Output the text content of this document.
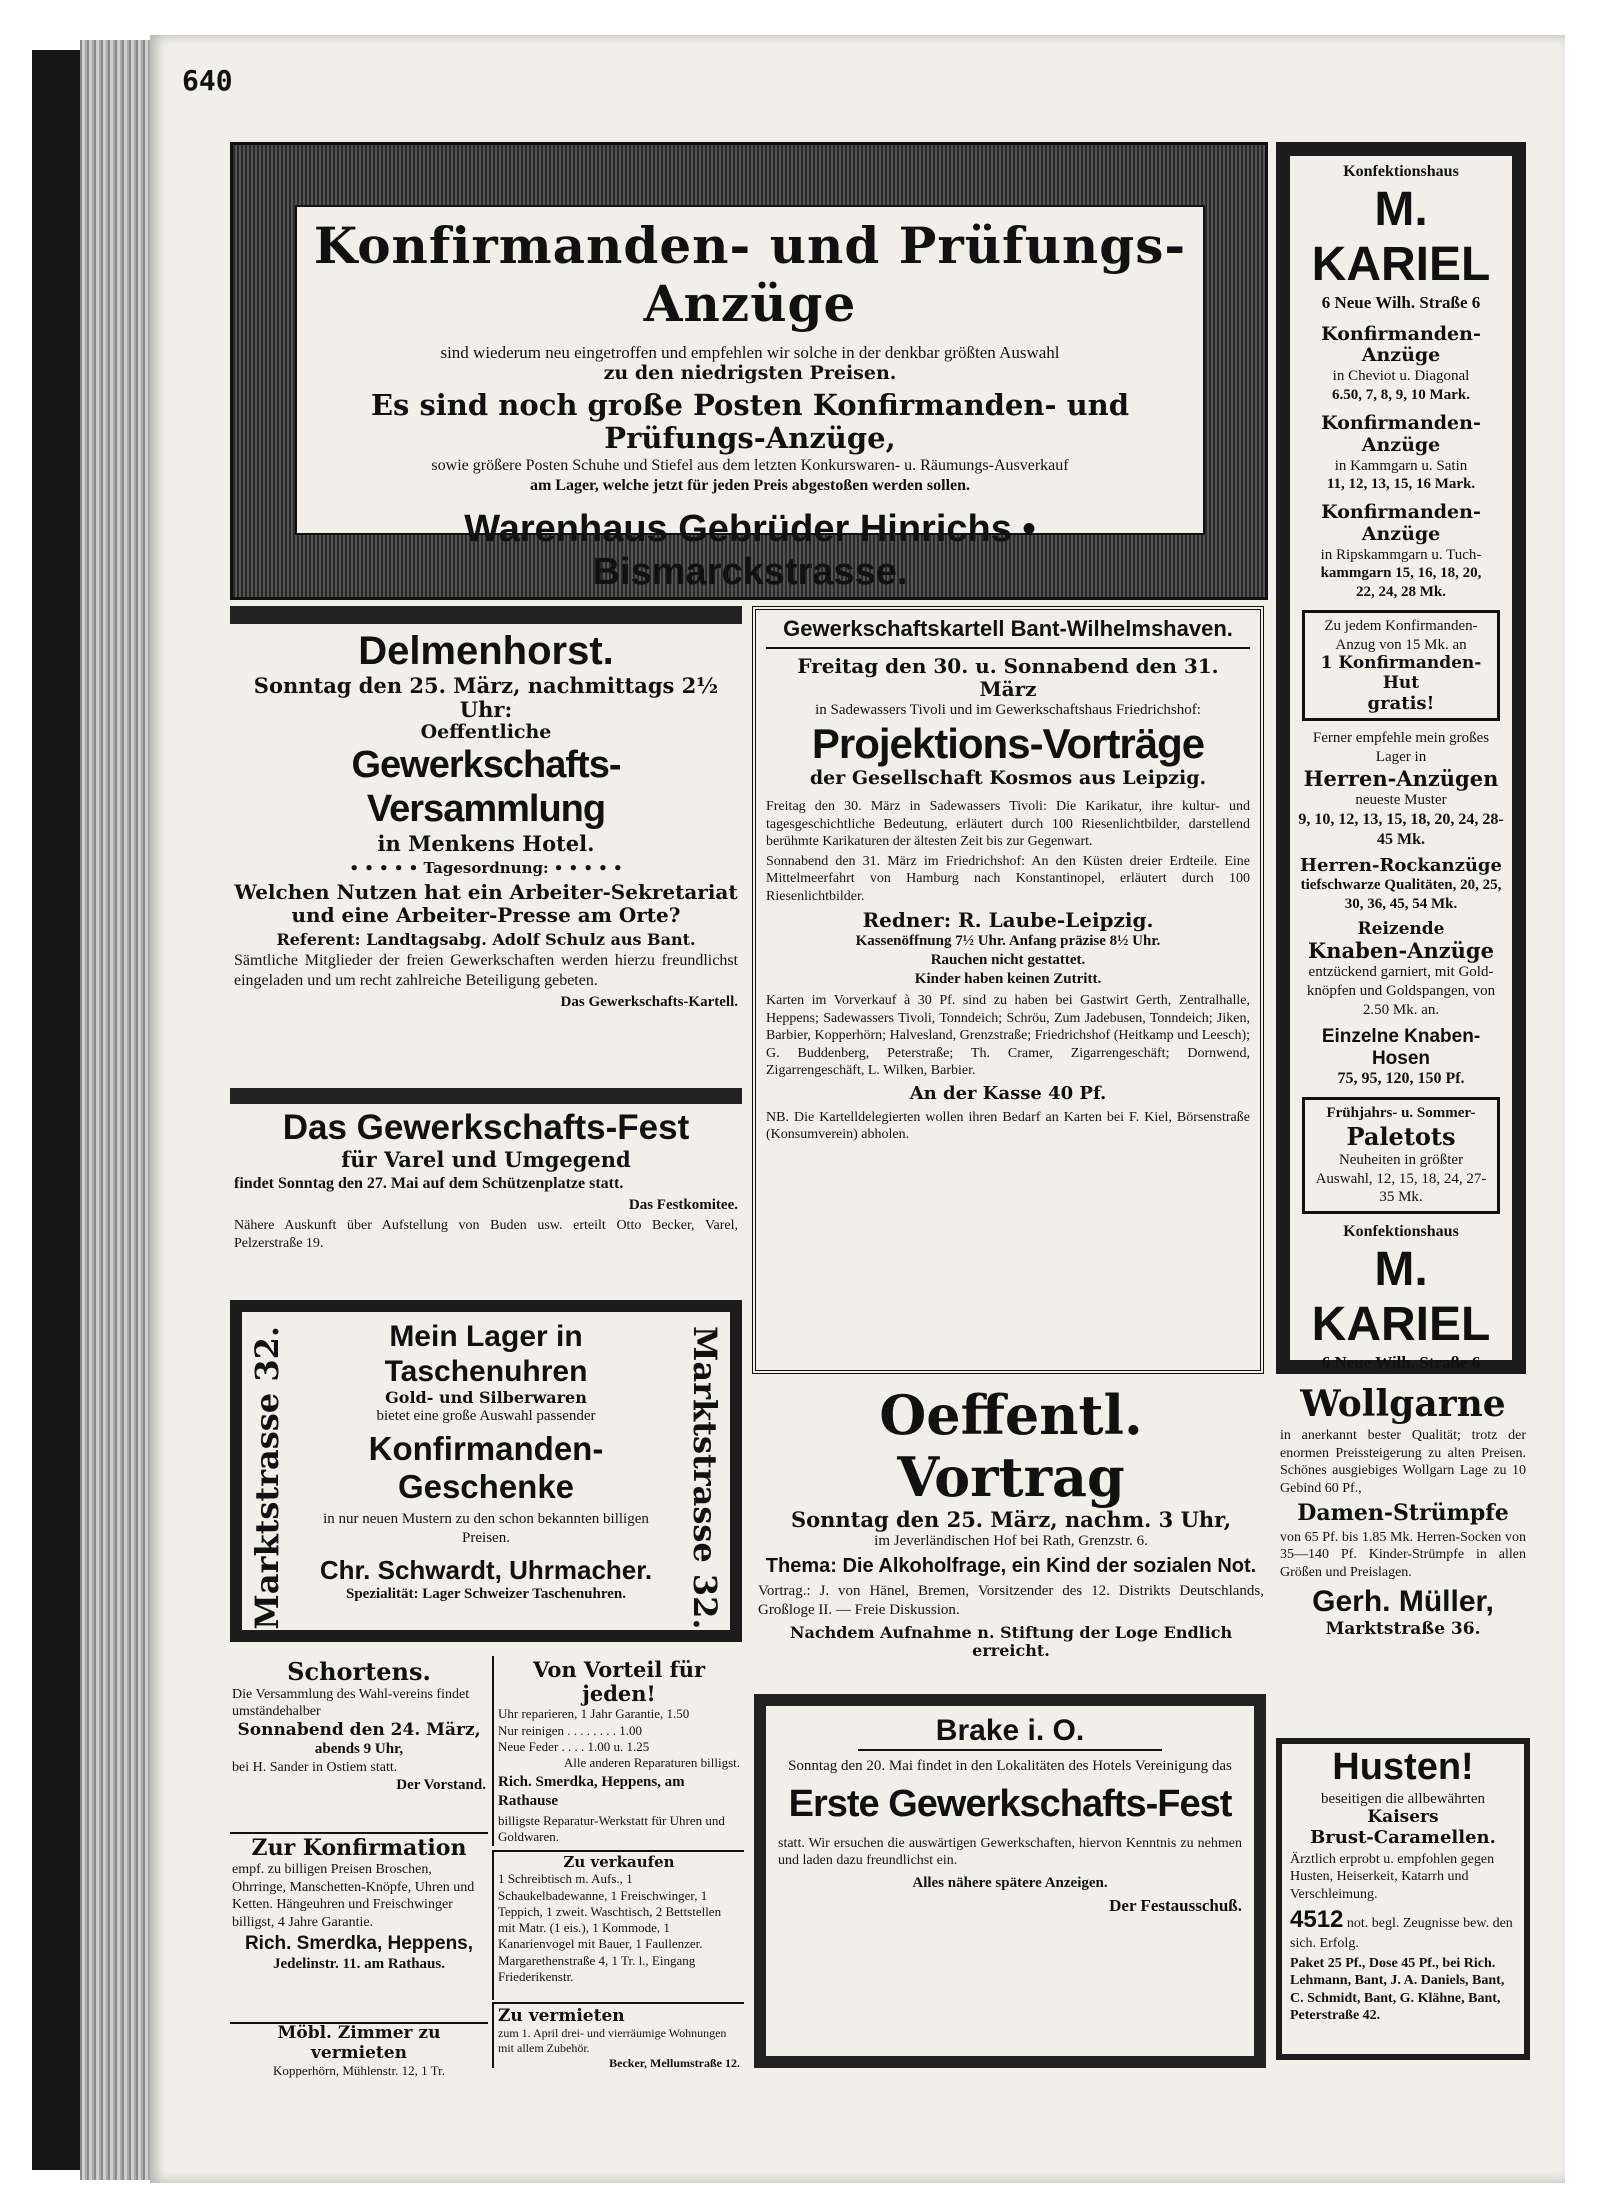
640

Konfirmanden- und Prüfungs-Anzüge

sind wiederum neu eingetroffen und empfehlen wir solche in der denkbar größten Auswahl

zu den niedrigsten Preisen.

Es sind noch große Posten Konfirmanden- und Prüfungs-Anzüge,

sowie größere Posten Schuhe und Stiefel aus dem letzten Konkurswaren- u. Räumungs-Ausverkauf

am Lager, welche jetzt für jeden Preis abgestoßen werden sollen.

Warenhaus Gebrüder Hinrichs • Bismarckstrasse.

Konfektionshaus

M. KARIEL

6 Neue Wilh. Straße 6

Konfirmanden-Anzüge

in Cheviot u. Diagonal

6.50, 7, 8, 9, 10 Mark.

Konfirmanden-Anzüge

in Kammgarn u. Satin

11, 12, 13, 15, 16 Mark.

Konfirmanden-Anzüge

in Ripskammgarn u. Tuch-

kammgarn 15, 16, 18, 20,

22, 24, 28 Mk.

Zu jedem Konfirmanden-Anzug von 15 Mk. an

1 Konfirmanden-Hut

gratis!

Ferner empfehle mein großes

Lager in

Herren-Anzügen

neueste Muster

9, 10, 12, 13, 15, 18, 20, 24, 28-45 Mk.

Herren-Rockanzüge

tiefschwarze Qualitäten, 20, 25, 30, 36, 45, 54 Mk.

Reizende

Knaben-Anzüge

entzückend garniert, mit Gold-knöpfen und Goldspangen, von 2.50 Mk. an.

Einzelne Knaben-Hosen

75, 95, 120, 150 Pf.

Frühjahrs- u. Sommer-

Paletots

Neuheiten in größter Auswahl, 12, 15, 18, 24, 27-35 Mk.

Konfektionshaus

M. KARIEL

6 Neue Wilh. Straße 6

Delmenhorst.

Sonntag den 25. März, nachmittags 2½ Uhr:

Oeffentliche

Gewerkschafts-Versammlung

in Menkens Hotel.

• • • • • Tagesordnung: • • • • •

Welchen Nutzen hat ein Arbeiter-Sekretariat und eine Arbeiter-Presse am Orte?

Referent: Landtagsabg. Adolf Schulz aus Bant.

Sämtliche Mitglieder der freien Gewerkschaften werden hierzu freundlichst eingeladen und um recht zahlreiche Beteiligung gebeten.

Das Gewerkschafts-Kartell.

Das Gewerkschafts-Fest

für Varel und Umgegend

findet Sonntag den 27. Mai auf dem Schützenplatze statt.

Das Festkomitee.

Nähere Auskunft über Aufstellung von Buden usw. erteilt Otto Becker, Varel, Pelzerstraße 19.

Marktstrasse 32.	Marktstrasse 32.

Mein Lager in Taschenuhren

Gold- und Silberwaren

bietet eine große Auswahl passender

Konfirmanden-Geschenke

in nur neuen Mustern zu den schon bekannten billigen Preisen.

Chr. Schwardt, Uhrmacher.

Spezialität: Lager Schweizer Taschenuhren.

Gewerkschaftskartell Bant-Wilhelmshaven.

Freitag den 30. u. Sonnabend den 31. März

in Sadewassers Tivoli und im Gewerkschaftshaus Friedrichshof:

Projektions-Vorträge

der Gesellschaft Kosmos aus Leipzig.

Freitag den 30. März in Sadewassers Tivoli: Die Karikatur, ihre kultur- und tagesgeschichtliche Bedeutung, erläutert durch 100 Riesenlichtbilder, darstellend berühmte Karikaturen der ältesten Zeit bis zur Gegenwart.

Sonnabend den 31. März im Friedrichshof: An den Küsten dreier Erdteile. Eine Mittelmeerfahrt von Hamburg nach Konstantinopel, erläutert durch 100 Riesenlichtbilder.

Redner: R. Laube-Leipzig.

Kassenöffnung 7½ Uhr. Anfang präzise 8½ Uhr.

Rauchen nicht gestattet.

Kinder haben keinen Zutritt.

Karten im Vorverkauf à 30 Pf. sind zu haben bei Gastwirt Gerth, Zentralhalle, Heppens; Sadewassers Tivoli, Tonndeich; Schröu, Zum Jadebusen, Tonndeich; Jiken, Barbier, Kopperhörn; Halvesland, Grenzstraße; Friedrichshof (Heitkamp und Leesch); G. Buddenberg, Peterstraße; Th. Cramer, Zigarrengeschäft; Dornwend, Zigarrengeschäft, L. Wilken, Barbier.

An der Kasse 40 Pf.

NB. Die Kartelldelegierten wollen ihren Bedarf an Karten bei F. Kiel, Börsenstraße (Konsumverein) abholen.

Oeffentl. Vortrag

Sonntag den 25. März, nachm. 3 Uhr,

im Jeverländischen Hof bei Rath, Grenzstr. 6.

Thema: Die Alkoholfrage, ein Kind der sozialen Not.

Vortrag.: J. von Hänel, Bremen, Vorsitzender des 12. Distrikts Deutschlands, Großloge II. — Freie Diskussion.

Nachdem Aufnahme n. Stiftung der Loge Endlich erreicht.

Wollgarne

in anerkannt bester Qualität; trotz der enormen Preissteigerung zu alten Preisen. Schönes ausgiebiges Wollgarn Lage zu 10 Gebind 60 Pf.,

Damen-Strümpfe

von 65 Pf. bis 1.85 Mk. Herren-Socken von 35—140 Pf. Kinder-Strümpfe in allen Größen und Preislagen.

Gerh. Müller,

Marktstraße 36.

Husten!

beseitigen die allbewährten

Kaisers

Brust-Caramellen.

Ärztlich erprobt u. empfohlen gegen Husten, Heiserkeit, Katarrh und Verschleimung.

4512 not. begl. Zeugnisse bew. den sich. Erfolg.

Paket 25 Pf., Dose 45 Pf., bei Rich. Lehmann, Bant, J. A. Daniels, Bant, C. Schmidt, Bant, G. Klähne, Bant, Peterstraße 42.

Schortens.

Die Versammlung des Wahl-vereins findet umständehalber

Sonnabend den 24. März,

abends 9 Uhr,

bei H. Sander in Ostiem statt.

Der Vorstand.

Zur Konfirmation

empf. zu billigen Preisen Broschen, Ohrringe, Manschetten-Knöpfe, Uhren und Ketten. Hängeuhren und Freischwinger billigst, 4 Jahre Garantie.

Rich. Smerdka, Heppens,

Jedelinstr. 11. am Rathaus.

Möbl. Zimmer zu vermieten

Kopperhörn, Mühlenstr. 12, 1 Tr.

Von Vorteil für jeden!

Uhr reparieren, 1 Jahr Garantie, 1.50

Nur reinigen . . . . . . . . 1.00

Neue Feder . . . . 1.00 u. 1.25

Alle anderen Reparaturen billigst.

Rich. Smerdka, Heppens, am Rathause

billigste Reparatur-Werkstatt für Uhren und Goldwaren.

Zu verkaufen

1 Schreibtisch m. Aufs., 1 Schaukelbadewanne, 1 Freischwinger, 1 Teppich, 1 zweit. Waschtisch, 2 Bettstellen mit Matr. (1 eis.), 1 Kommode, 1 Kanarienvogel mit Bauer, 1 Faullenzer. Margarethenstraße 4, 1 Tr. l., Eingang Friederikenstr.

Zu vermieten

zum 1. April drei- und vierräumige Wohnungen mit allem Zubehör.

Becker, Mellumstraße 12.

Brake i. O.

Sonntag den 20. Mai findet in den Lokalitäten des Hotels Vereinigung das

Erste Gewerkschafts-Fest

statt. Wir ersuchen die auswärtigen Gewerkschaften, hiervon Kenntnis zu nehmen und laden dazu freundlichst ein.

Alles nähere spätere Anzeigen.

Der Festausschuß.
